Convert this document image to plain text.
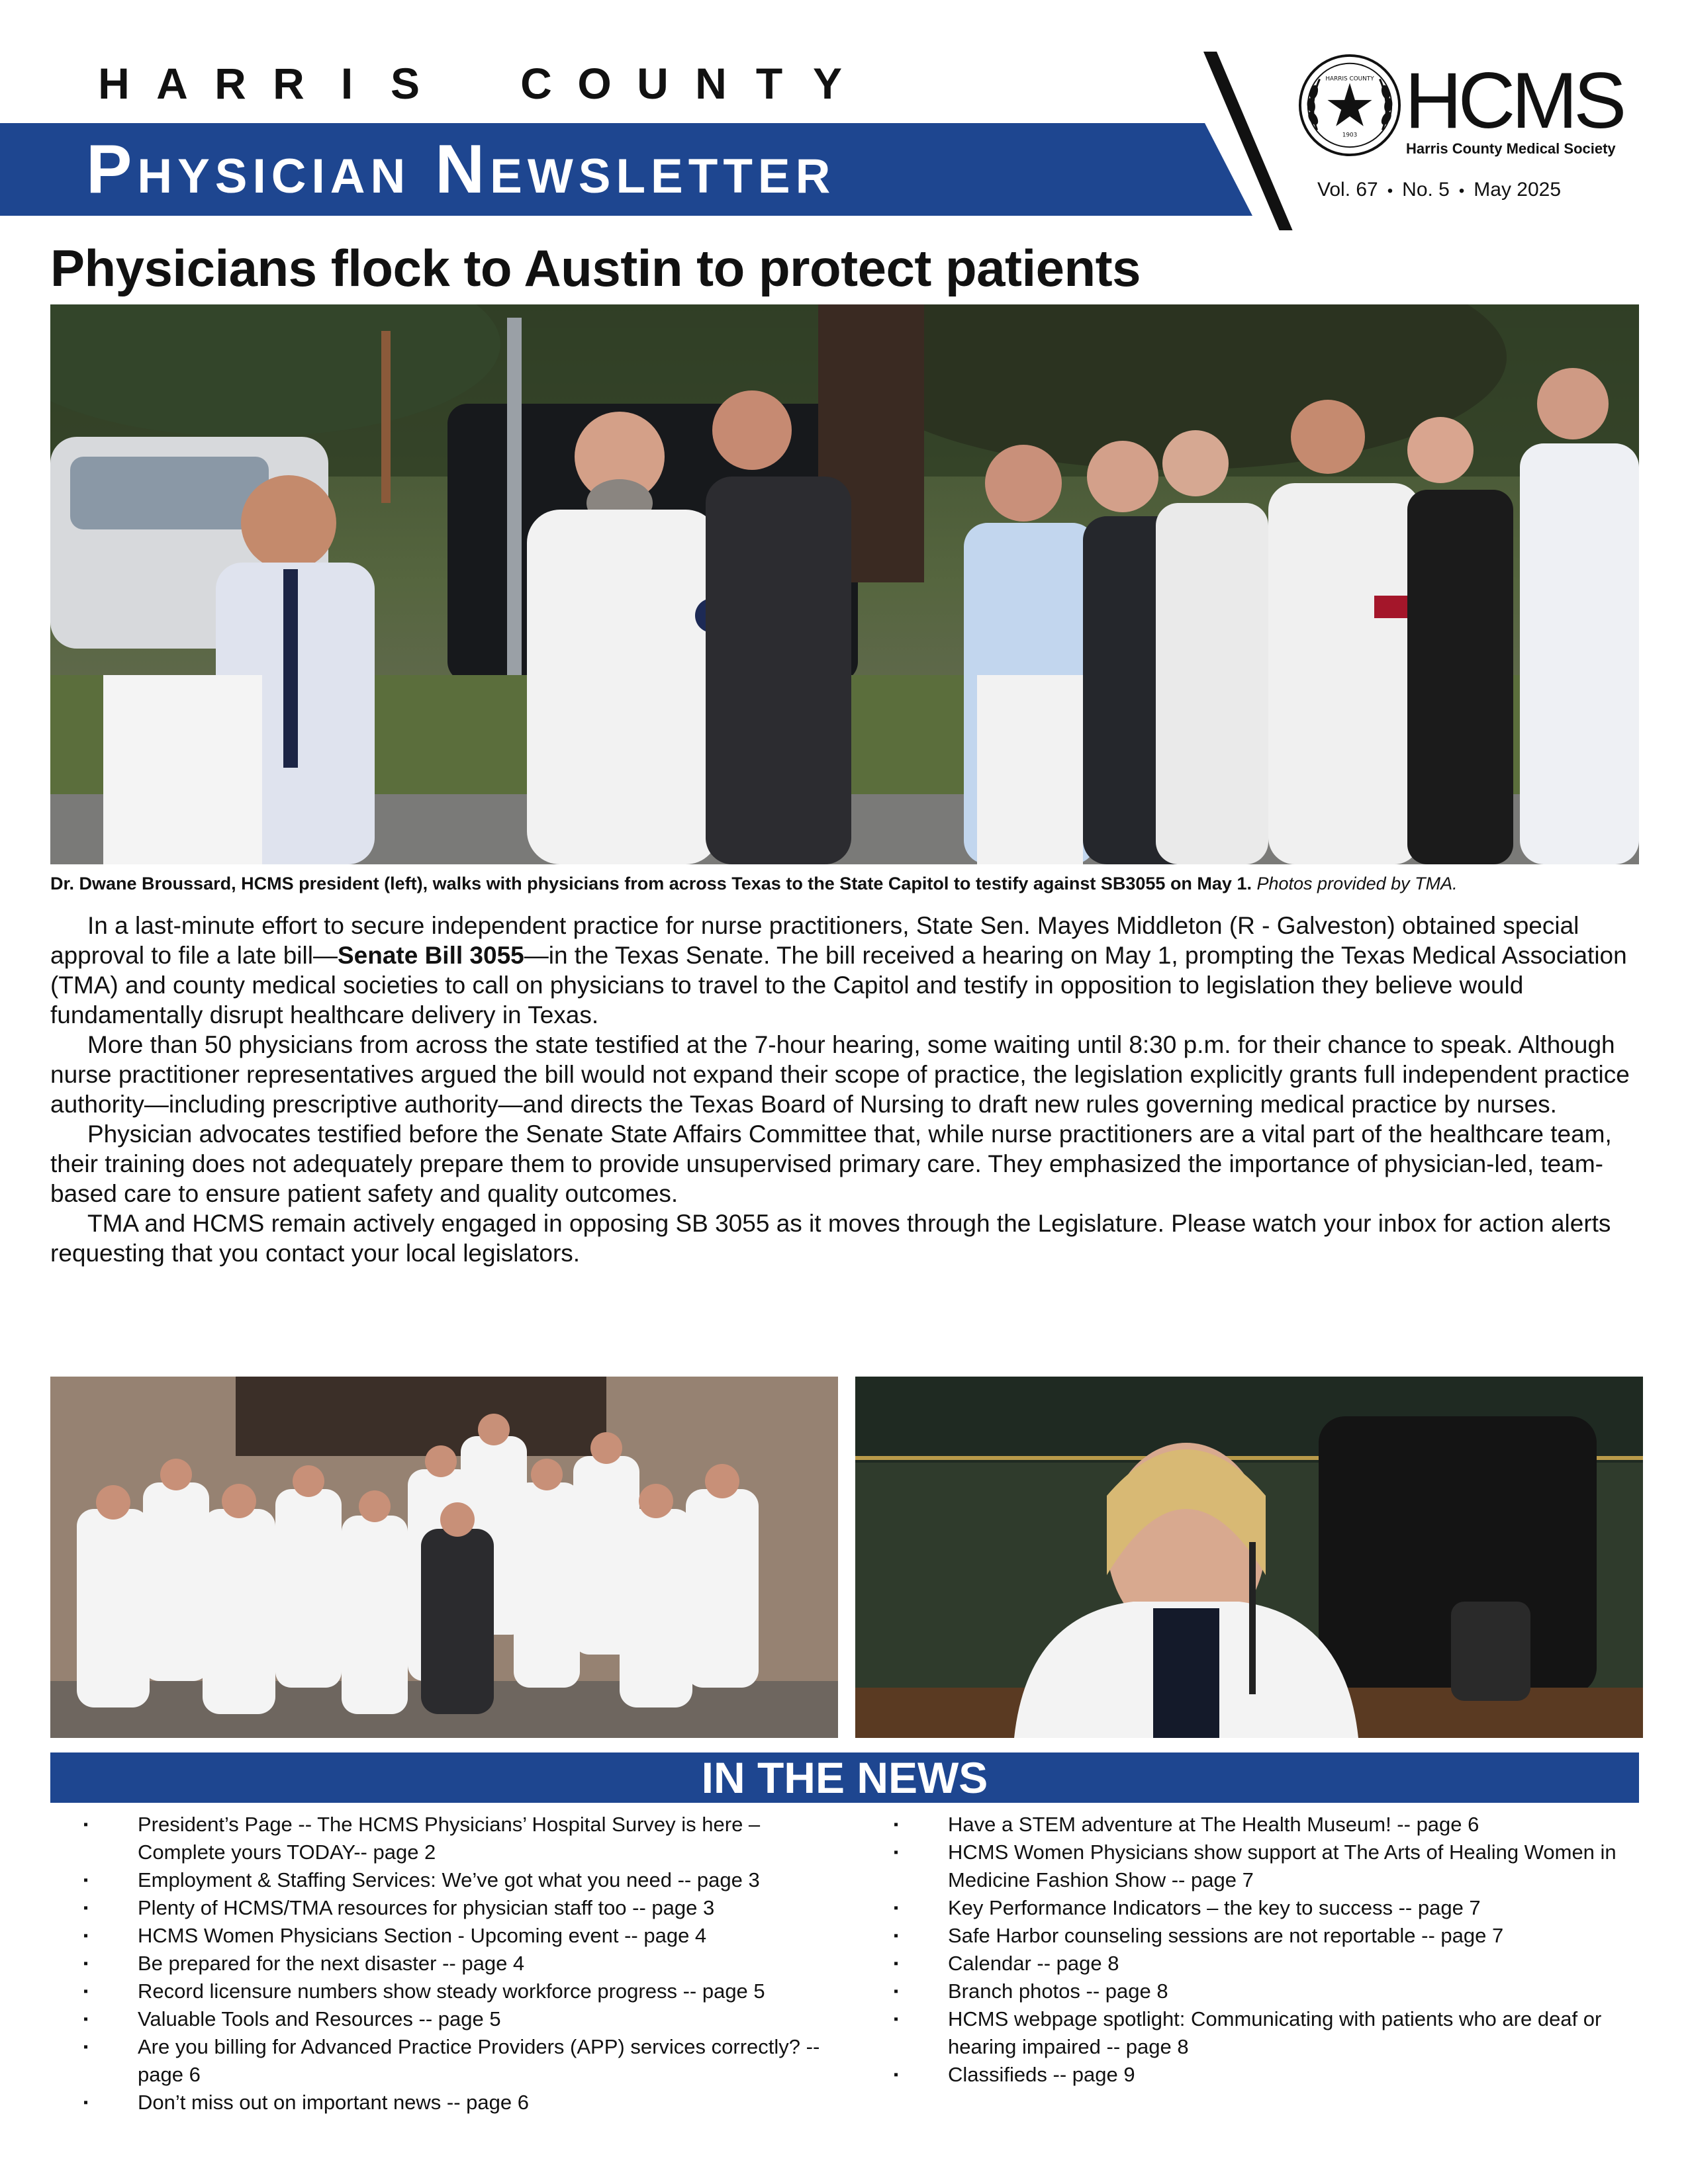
H A R R I S C O U N T Y
Physician Newsletter
HARRIS COUNTY
1903 HCMS
Harris County Medical Society
Vol. 67 • No. 5 • May 2025
Physicians flock to Austin to protect patients
Dr. Dwane Broussard, HCMS president (left), walks with physicians from across Texas to the State Capitol to testify against SB3055 on May 1. Photos provided by TMA.

In a last-minute effort to secure independent practice for nurse practitioners, State Sen. Mayes Middleton (R - Galveston) obtained special approval to file a late bill—Senate Bill 3055—in the Texas Senate. The bill received a hearing on May 1, prompting the Texas Medical Association (TMA) and county medical societies to call on physicians to travel to the Capitol and testify in opposition to legislation they believe would fundamentally disrupt healthcare delivery in Texas.

More than 50 physicians from across the state testified at the 7-hour hearing, some waiting until 8:30 p.m. for their chance to speak. Although nurse practitioner representatives argued the bill would not expand their scope of practice, the legislation explicitly grants full independent practice authority—including prescriptive authority—and directs the Texas Board of Nursing to draft new rules governing medical practice by nurses.

Physician advocates testified before the Senate State Affairs Committee that, while nurse practitioners are a vital part of the healthcare team, their training does not adequately prepare them to provide unsupervised primary care. They emphasized the importance of physician-led, team-based care to ensure patient safety and quality outcomes.

TMA and HCMS remain actively engaged in opposing SB 3055 as it moves through the Legislature. Please watch your inbox for action alerts requesting that you contact your local legislators.

IN THE NEWS
▪ President’s Page -- The HCMS Physicians’ Hospital Survey is here – Complete yours TODAY-- page 2
▪ Employment & Staffing Services: We’ve got what you need -- page 3
▪ Plenty of HCMS/TMA resources for physician staff too -- page 3
▪ HCMS Women Physicians Section - Upcoming event -- page 4
▪ Be prepared for the next disaster -- page 4
▪ Record licensure numbers show steady workforce progress -- page 5
▪ Valuable Tools and Resources -- page 5
▪ Are you billing for Advanced Practice Providers (APP) services correctly? -- page 6
▪ Don’t miss out on important news -- page 6
▪ Have a STEM adventure at The Health Museum! -- page 6
▪ HCMS Women Physicians show support at The Arts of Healing Women in Medicine Fashion Show -- page 7
▪ Key Performance Indicators – the key to success -- page 7
▪ Safe Harbor counseling sessions are not reportable -- page 7
▪ Calendar -- page 8
▪ Branch photos -- page 8
▪ HCMS webpage spotlight: Communicating with patients who are deaf or hearing impaired -- page 8
▪ Classifieds -- page 9
